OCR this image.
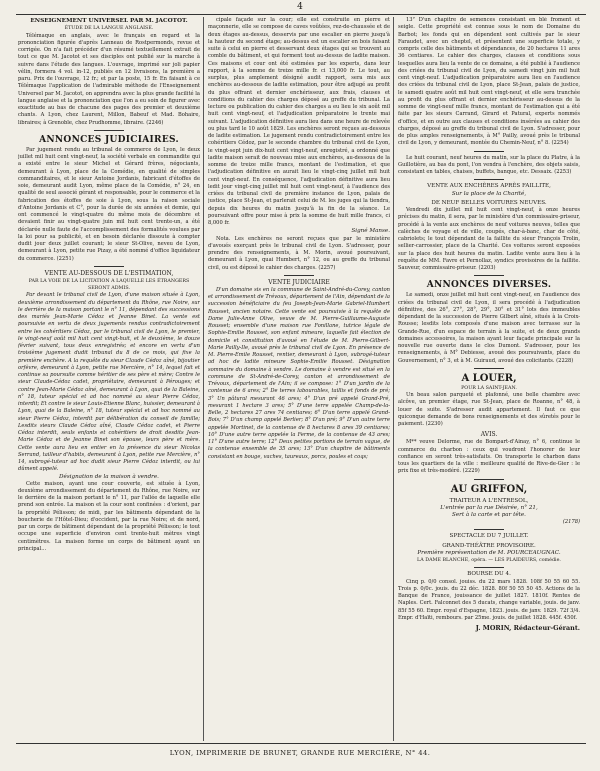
4
ENSEIGNEMENT UNIVERSEL PAR M. JACOTOT.
ÉTUDE DE LA LANGUE ANGLAISE.

Télémaque en anglais, avec le français en regard et la prononciation figurée d'après Lanneau de Rostpermonds, revue et corrigée. On n'a fait précéder d'un résumé textuellement extrait de tout ce que M. Jacotot et ses disciples ont publié sur la marche à suivre dans l'étude des langues. L'ouvrage, imprimé sur joli papier vélin, formera 4 vol. in-12, publiés en 12 livraisons, la première a paru. Prix de l'ouvrage, 12 fr.; et par la poste, 15 fr. En faisant à ce Télémaque l'application de l'admirable méthode de l'Enseignement Universel par M. Jacotot, on apprendra avec la plus grande facilité la langue anglaise et la prononciation que l'on a eu soin de figurer avec exactitude au bas de chacune des pages des premier et deuxième chants. A Lyon, chez Laurent, Millon, Babeuf et Mad. Bohaire, libraires; à Grenoble, chez Prudhomme, libraire. (2246)

ANNONCES JUDICIAIRES.

Par jugement rendu au tribunal de commerce de Lyon, le deux juillet mil huit cent vingt-neuf, la société verbale en commandite qui a existé entre le sieur Michel et Gérard frères, négociants, demeurant à Lyon, place de la Comédie, en qualité de simples commanditaires, et le sieur Antoine Jordanis, fabricant d'étoffes de soie, demeurant audit Lyon, même place de la Comédie, n° 24, en qualité de seul associé gérant et responsable, pour le commerce et la fabrication des étoffes de soie à Lyon, sous la raison sociale d'Antoine Jordanis et C°, pour la durée de six années et demie, qui ont commencé le vingt-quatre du même mois de décembre et devaient finir au vingt-quatre juin mil huit cent trente-un, a été déclarée nulle faute de l'accomplissement des formalités voulues par la loi pour sa publicité, et en besoin déclarée dissoute à compter dudit jour deux juillet courant; le sieur St-Olive, neveu de Lyon, demeurant à Lyon, petite rue Pizay, a été nommé d'office liquidateur du commerce. (2251)

VENTE AU-DESSOUS DE L'ESTIMATION,
PAR LA VOIE DE LA LICITATION A LAQUELLE LES ÉTRANGERS SERONT ADMIS.

Par devant le tribunal civil de Lyon, d'une maison située à Lyon, deuxième arrondissement du département du Rhône, rue Noire, sur le derrière de la maison portant le n° 11, dépendant des successions des mariés Jean-Marie Cédoz et Jeanne Binet. La vente est poursuivie en vertu de deux jugements rendus contradictoirement entre les cohéritiers Cédoz, par le tribunal civil de Lyon, le premier, le vingt-neuf août mil huit cent vingt-huit, et le deuxième, le douze février suivant, tous deux enregistrés; et encore en vertu d'un troisième jugement dudit tribunal du 8 de ce mois, qui fixe la première enchère. A la requête du sieur Claude Cédoz aîné, bijoutier orfèvre, demeurant à Lyon, petite rue Mercière, n° 14, lequel fait et continue sa poursuite comme héritier de ses père et mère; Contre le sieur Claude-Cédoz cadet, propriétaire, demeurant à Pérouges; et contre Jean-Marie Cédoz aîné, demeurant à Lyon, quai de la Baleine, n° 18, tuteur spécial et ad hoc nommé au sieur Pierre Cédoz, interdit; Et contre le sieur Louis-Etienne Blanc, huissier, demeurant à Lyon, quai de la Baleine, n° 18, tuteur spécial et ad hoc nommé au sieur Pierre Cédoz, interdit par délibération du conseil de famille; Lesdits sieurs Claude Cédoz aîné, Claude Cédoz cadet, et Pierre Cédoz interdit, seuls enfants et cohéritiers de droit desdits Jean-Marie Cédoz et de Jeanne Binet son épouse, leurs père et mère. Cette vente aura lieu en entier en la présence du sieur Nicolas Serrand, tailleur d'habits, demeurant à Lyon, petite rue Mercière, n° 14, subrogé-tuteur ad hoc dudit sieur Pierre Cédoz interdit, ou lui dûment appelé.

Désignation de la maison à vendre.

Cette maison, ayant une cour couverte, est située à Lyon, deuxième arrondissement du département du Rhône, rue Noire, sur le derrière de la maison portant le n° 11, par l'allée de laquelle elle prend son entrée. La maison et la cour sont confinées : d'orient, par la propriété Pélisson; de midi, par les bâtiments dépendant de la boucherie de l'Hôtel-Dieu; d'occident, par la rue Noire; et de nord, par un corps de bâtiment dépendant de la propriété Pélisson; le tout occupe une superficie d'environ cent trente-huit mètres vingt centimètres. La maison forme un corps de bâtiment ayant un principal...

cipale façade sur la cour; elle est construite en pierre et maçonnerie, elle se compose de caves voûtées, rez-de-chaussée et de deux étages au-dessus, desservis par une escalier en pierre jusqu'à la hauteur du second étage; au-dessus est un escalier en bois faisant suite à celui en pierre et desservant deux étages qui se trouvent au comble du bâtiment, et qui forment tout au-dessus de ladite maison. Ces maisons et cour ont été estimées par les experts, dans leur rapport, à la somme de treize mille fr. ci 13,000 fr. Le tout, au surplus, plus amplement désigné audit rapport, sera mis aux enchères au-dessous de ladite estimation, pour être adjugé au profit du plus offrant et dernier enchérisseur, aux frais, clauses et conditions du cahier des charges déposé au greffe du tribunal. La lecture ou publication du cahier des charges a eu lieu le six août mil huit cent vingt-neuf, et l'adjudication préparatoire le trente mai suivant. L'adjudication définitive aura lieu dans une heure de relevée ou plus tard le 10 août 1829. Les enchères seront reçues au-dessous de ladite estimation. Le jugement rendu contradictoirement entre les cohéritiers Cédoz, par le seconde chambre du tribunal civil de Lyon, le vingt-sept juin dix-huit cent vingt-neuf, enregistré, a ordonné que ladite maison serait de nouveau mise aux enchères, au-dessous de la somme de treize mille francs, montant de l'estimation, et que l'adjudication définitive en aurait lieu le vingt-cinq juillet mil huit cent vingt-neuf. En conséquence, l'adjudication définitive aura lieu ledit jour vingt-cinq juillet mil huit cent vingt-neuf, à l'audience des criées du tribunal civil de première instance de Lyon, palais de justice, place St-Jean, et parlerait celui de M. les juges qui la tiendra, depuis dix heures du matin jusqu'à la fin de la séance. Le poursuivant offre pour mise à prix la somme de huit mille francs, ci 8,000 fr.

Signé Manse.

Nota. Les enchères ne seront reçues que par le ministère d'avoués exerçant près le tribunal civil de Lyon. S'adresser, pour prendre des renseignements, à M. Morin, avoué poursuivant, demeurant à Lyon, quai Humbert, n° 12, ou au greffe du tribunal civil, ou est déposé le cahier des charges. (2257)

VENTE JUDICIAIRE

D'un domaine sis en la commune de Saint-André-du-Corey, canton et arrondissement de Trévoux, département de l'Ain, dépendant de la succession bénéficiaire du feu Joseph-Jean-Marie Gabriel-Humbert Rousset, ancien notaire. Cette vente est poursuivie à la requête de Dame Julie-Anne Olive, veuve de M. Pierre-Guillaume-Auguste Rousset; ensemble d'une maison rue Fonillane, tutrice légale de Sophie-Emilie Rousset, son enfant mineure, laquelle fait élection de domicile et constitution d'avoué en l'étude de M. Pierre-Gilbert-Marie Pailly-Ile, avoué près le tribunal civil de Lyon. En présence de M. Pierre-Emile Rousset, rentier, demeurant à Lyon, subrogé-tuteur ad hoc de ladite mineure Sophie-Emilie Rousset. Désignation sommaire du domaine à vendre. Le domaine à vendre est situé en la commune de St-André-de-Corey, canton et arrondissement de Trévoux, département de l'Ain; il se compose: 1° D'un jardin de la contenue de 6 ares; 2° De terres labourables, taillis et fonds de pré; 3° Un pâtural mesurant 46 ares; 4° D'un pré appelé Grand-Pré, mesurant 1 hectare 3 ares; 5° D'une terre appelée Champ-de-la-Belle, 2 hectares 27 ares 74 centiares; 6° D'un terre appelé Grand-Bois; 7° D'un champ appelé Berlier; 8° D'un pré; 9° D'un autre terre appelée Mortinet, de la contenue de 8 hectares 8 ares 39 centiares; 10° D'une autre terre appelée la Ferme, de la contenue de 43 ares; 11° D'une autre terre; 12° Deux petites portions de terrain vague, de la contenue ensemble de 35 ares; 13° D'un chapitre de bâtiments consistant en bouge, vaches, taureaux, porcs, poules et coqs;

13° D'un chapitre de semences consistant en blé froment et seigle. Cette propriété est connue sous le nom de Domaine du Barbot; les fonds qui en dépendent sont cultivés par le sieur Faraudet, avec un cheptel, et présentent une superficie totale, y compris celle des bâtiments et dépendances, de 20 hectares 11 ares 36 centiares. Le cahier des charges, clauses et conditions sous lesquelles aura lieu la vente de ce domaine, a été publié à l'audience des criées du tribunal civil de Lyon, du samedi vingt juin mil huit cent vingt-neuf. L'adjudication préparatoire aura lieu en l'audience des criées du tribunal civil de Lyon, place St-Jean, palais de justice, le samedi quatre août mil huit cent vingt-neuf, et elle sera tranchée au profit du plus offrant et dernier enchérisseur au-dessus de la somme de vingt-neuf mille francs, montant de l'estimation qui a été faite par les sieurs Carrand, Girard et Patural, experts nommés d'office, et en outre aux clauses et conditions insérées au cahier des charges, déposé au greffe du tribunal civil de Lyon. S'adresser, pour de plus amples renseignements, à M° Pailly, avoué près le tribunal civil de Lyon, y demeurant, montée du Chemin-Neuf, n° 8. (2254)

Le huit courant, neuf heures du matin, sur la place du Platre, à la Guillotière, au bas du pont, l'on vendra à l'enchère, des objets saisis, consistant en tables, chaises, buffets, banque, etc. Dessaix. (2253)

VENTE AUX ENCHÈRES APRÈS FAILLITE,
Sur la place de la Charité,
DE NEUF BELLES VOITURES NEUVES.

Vendredi dix juillet mil huit cent vingt-neuf, à onze heures précises du matin, il sera, par le ministère d'un commissaire-priseur, procédé à la vente aux enchères de neuf voitures neuves, telles que calèches de voyage et de ville, coupés, char-à-banc, char de côté, cabriolets; le tout dépendant de la faillite du sieur François Trolin, sellier-carrossier, place de la Charité. Ces voitures seront exposées sur la place des huit heures du matin. Ladite vente aura lieu à la requête de MM. Favre et Pernollaz, syndics provisoires de la faillite. Sauveur, commissaire-priseur. (2203)

ANNONCES DIVERSES.

Le samedi, onze juillet mil huit cent vingt-neuf, en l'audience des criées du tribunal civil de Lyon, il sera procédé à l'adjudication définitive, des 26°, 27°, 28°, 29°, 30° et 31° lots des immeubles dépendant de la succession de Pierre Gilbert aîné, situés à la Croix-Rousse; lesdits lots composés d'une maison avec terrasse sur la Grande-Rue, d'un espace de terrain à la suite, et de deux grands domaines accessoires, la maison ayant leur façade principale sur la nouvelle rue ouverte dans le clos Dumont. S'adresser, pour les renseignements, à M° Debiesse, avoué des poursuivants, place du Gouvernement, n° 3, et à M. Guiraud, avoué des colicitants. (2228)

A LOUER,
POUR LA SAINT-JEAN.

Un beau salon parqueté et plafonné, une belle chambre avec alcôve, un premier étage, rue St-Jean, place de Roanne, n° 48, à louer de suite. S'adresser audit appartement. Il faut ce que quiconque demande de bons renseignements et des sûretés pour le paiement. (2230)

AVIS.

M** veuve Delorme, rue de Bompart-d'Ainay, n° 6, continue le commerce du charbon : ceux qui voudront l'honorer de leur confiance en seront très-satisfaits. On transporte le charbon dans tous les quartiers de la ville : meilleure qualité de Rive-de-Gier : le prix fixe et très-modéré. (2229)

AU GRIFFON,
TRAITEUR A L'ENTRESOL,
L'entrée par la rue Désirée, n° 21,
Sert à la carte et par tête.
(2178)
SPECTACLE DU 7 JUILLET.
GRAND-THÉÂTRE PROVISOIRE.
Première représentation de M. POURCEAUGNAC.
LA DAME BLANCHE, opéra. — LES PLAIDEURS, comédie.
BOURSE DU 4.

Cinq p. 0/0 consol. jouiss. du 22 mars 1828. 108f 50 55 60 55. Trois p. 0/0c. jouis. du 22 déc. 1828. 80f 50 55 50 45. Actions de la Banque de France, jouissance de juillet 1827. 1810f. Rentes de Naples. Cert. Falconnet des 5 ducats, change variable, jouis. de janv. 85f 55 60. Empr. royal d'Espagne, 1823. jouis. de janv. 1829. 72f 3/4. Empr. d'Haïti, rembours. par 25me. jouis. de juillet 1828. 445f. 450f.

J. MORIN, Rédacteur-Gérant.
LYON, IMPRIMERIE DE BRUNET, GRANDE RUE MERCIÈRE, N° 44.
